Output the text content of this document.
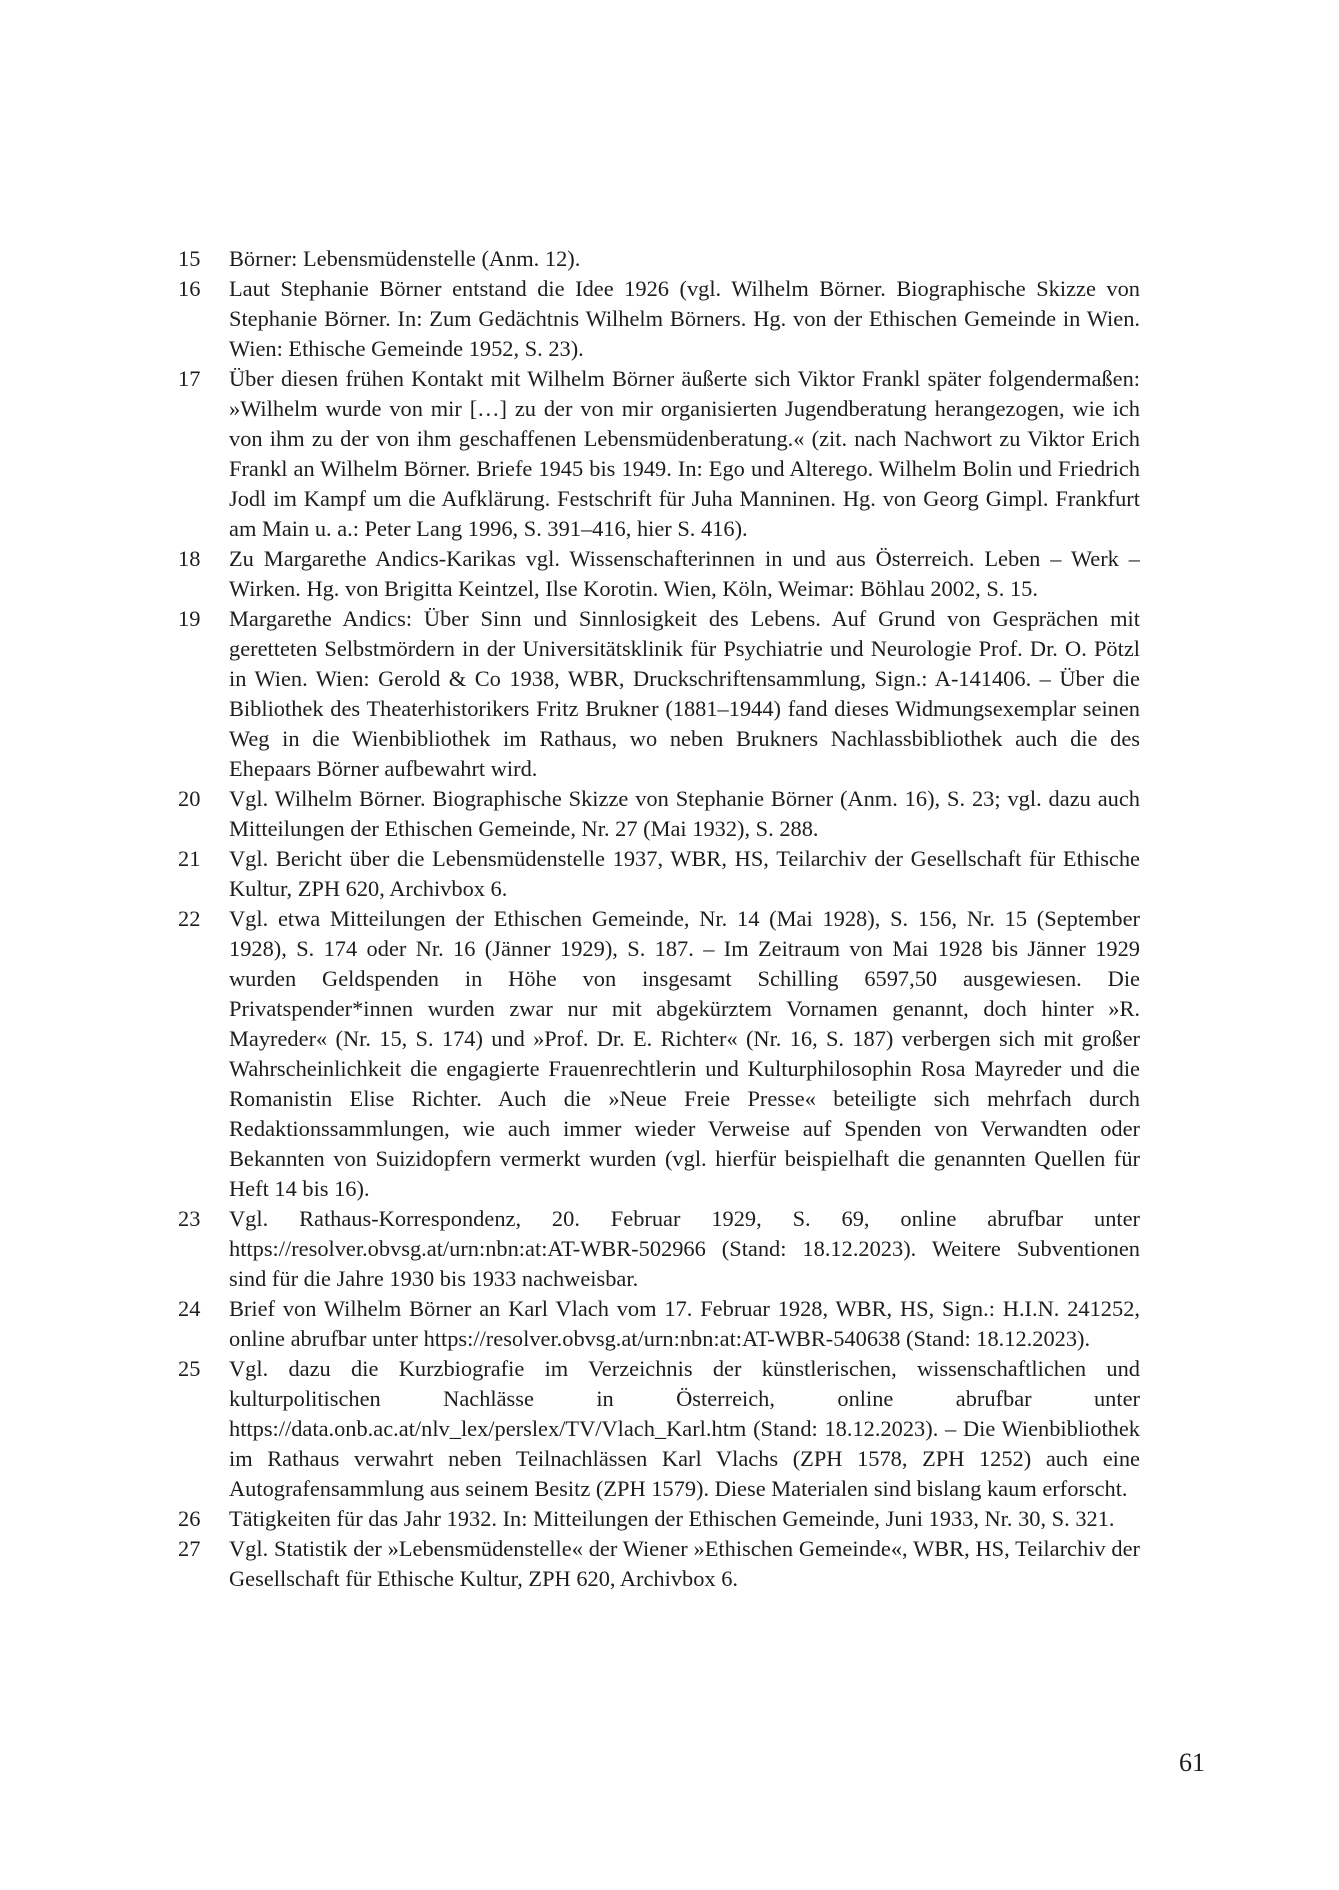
15	Börner: Lebensmüdenstelle (Anm. 12).
16	Laut Stephanie Börner entstand die Idee 1926 (vgl. Wilhelm Börner. Biographische Skizze von Stephanie Börner. In: Zum Gedächtnis Wilhelm Börners. Hg. von der Ethischen Gemeinde in Wien. Wien: Ethische Gemeinde 1952, S. 23).
17	Über diesen frühen Kontakt mit Wilhelm Börner äußerte sich Viktor Frankl später folgendermaßen: »Wilhelm wurde von mir […] zu der von mir organisierten Jugendberatung herangezogen, wie ich von ihm zu der von ihm geschaffenen Lebensmüdenberatung.« (zit. nach Nachwort zu Viktor Erich Frankl an Wilhelm Börner. Briefe 1945 bis 1949. In: Ego und Alterego. Wilhelm Bolin und Friedrich Jodl im Kampf um die Aufklärung. Festschrift für Juha Manninen. Hg. von Georg Gimpl. Frankfurt am Main u. a.: Peter Lang 1996, S. 391–416, hier S. 416).
18	Zu Margarethe Andics-Karikas vgl. Wissenschafterinnen in und aus Österreich. Leben – Werk – Wirken. Hg. von Brigitta Keintzel, Ilse Korotin. Wien, Köln, Weimar: Böhlau 2002, S. 15.
19	Margarethe Andics: Über Sinn und Sinnlosigkeit des Lebens. Auf Grund von Gesprächen mit geretteten Selbstmördern in der Universitätsklinik für Psychiatrie und Neurologie Prof. Dr. O. Pötzl in Wien. Wien: Gerold & Co 1938, WBR, Druckschriftensammlung, Sign.: A-141406. – Über die Bibliothek des Theaterhistorikers Fritz Brukner (1881–1944) fand dieses Widmungsexemplar seinen Weg in die Wienbibliothek im Rathaus, wo neben Brukners Nachlassbibliothek auch die des Ehepaars Börner aufbewahrt wird.
20	Vgl. Wilhelm Börner. Biographische Skizze von Stephanie Börner (Anm. 16), S. 23; vgl. dazu auch Mitteilungen der Ethischen Gemeinde, Nr. 27 (Mai 1932), S. 288.
21	Vgl. Bericht über die Lebensmüdenstelle 1937, WBR, HS, Teilarchiv der Gesellschaft für Ethische Kultur, ZPH 620, Archivbox 6.
22	Vgl. etwa Mitteilungen der Ethischen Gemeinde, Nr. 14 (Mai 1928), S. 156, Nr. 15 (September 1928), S. 174 oder Nr. 16 (Jänner 1929), S. 187. – Im Zeitraum von Mai 1928 bis Jänner 1929 wurden Geldspenden in Höhe von insgesamt Schilling 6597,50 ausgewiesen. Die Privatspender*innen wurden zwar nur mit abgekürztem Vornamen genannt, doch hinter »R. Mayreder« (Nr. 15, S. 174) und »Prof. Dr. E. Richter« (Nr. 16, S. 187) verbergen sich mit großer Wahrscheinlichkeit die engagierte Frauenrechtlerin und Kulturphilosophin Rosa Mayreder und die Romanistin Elise Richter. Auch die »Neue Freie Presse« beteiligte sich mehrfach durch Redaktionssammlungen, wie auch immer wieder Verweise auf Spenden von Verwandten oder Bekannten von Suizidopfern vermerkt wurden (vgl. hierfür beispielhaft die genannten Quellen für Heft 14 bis 16).
23	Vgl. Rathaus-Korrespondenz, 20. Februar 1929, S. 69, online abrufbar unter https://resolver.obvsg.at/urn:nbn:at:AT-WBR-502966 (Stand: 18.12.2023). Weitere Subventionen sind für die Jahre 1930 bis 1933 nachweisbar.
24	Brief von Wilhelm Börner an Karl Vlach vom 17. Februar 1928, WBR, HS, Sign.: H.I.N. 241252, online abrufbar unter https://resolver.obvsg.at/urn:nbn:at:AT-WBR-540638 (Stand: 18.12.2023).
25	Vgl. dazu die Kurzbiografie im Verzeichnis der künstlerischen, wissenschaftlichen und kulturpolitischen Nachlässe in Österreich, online abrufbar unter https://data.onb.ac.at/nlv_lex/perslex/TV/Vlach_Karl.htm (Stand: 18.12.2023). – Die Wienbibliothek im Rathaus verwahrt neben Teilnachlässen Karl Vlachs (ZPH 1578, ZPH 1252) auch eine Autografensammlung aus seinem Besitz (ZPH 1579). Diese Materialen sind bislang kaum erforscht.
26	Tätigkeiten für das Jahr 1932. In: Mitteilungen der Ethischen Gemeinde, Juni 1933, Nr. 30, S. 321.
27	Vgl. Statistik der »Lebensmüdenstelle« der Wiener »Ethischen Gemeinde«, WBR, HS, Teilarchiv der Gesellschaft für Ethische Kultur, ZPH 620, Archivbox 6.
61
